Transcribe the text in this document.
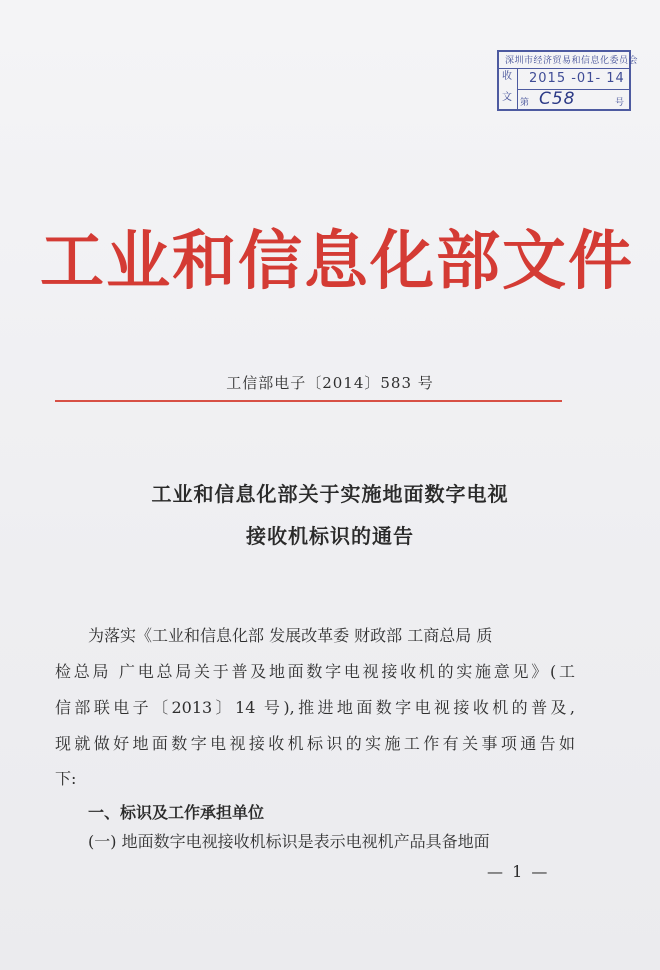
深圳市经济贸易和信息化委员会
收
文
2015 -01- 14
第 C58	号
工业和信息化部文件
工信部电子〔2014〕583 号
工业和信息化部关于实施地面数字电视
接收机标识的通告
为落实《工业和信息化部 发展改革委 财政部 工商总局 质
检总局 广电总局关于普及地面数字电视接收机的实施意见》(工
信部联电子〔2013〕14 号),推进地面数字电视接收机的普及,
现就做好地面数字电视接收机标识的实施工作有关事项通告如
下:
一、标识及工作承担单位
(一) 地面数字电视接收机标识是表示电视机产品具备地面
— 1 —
